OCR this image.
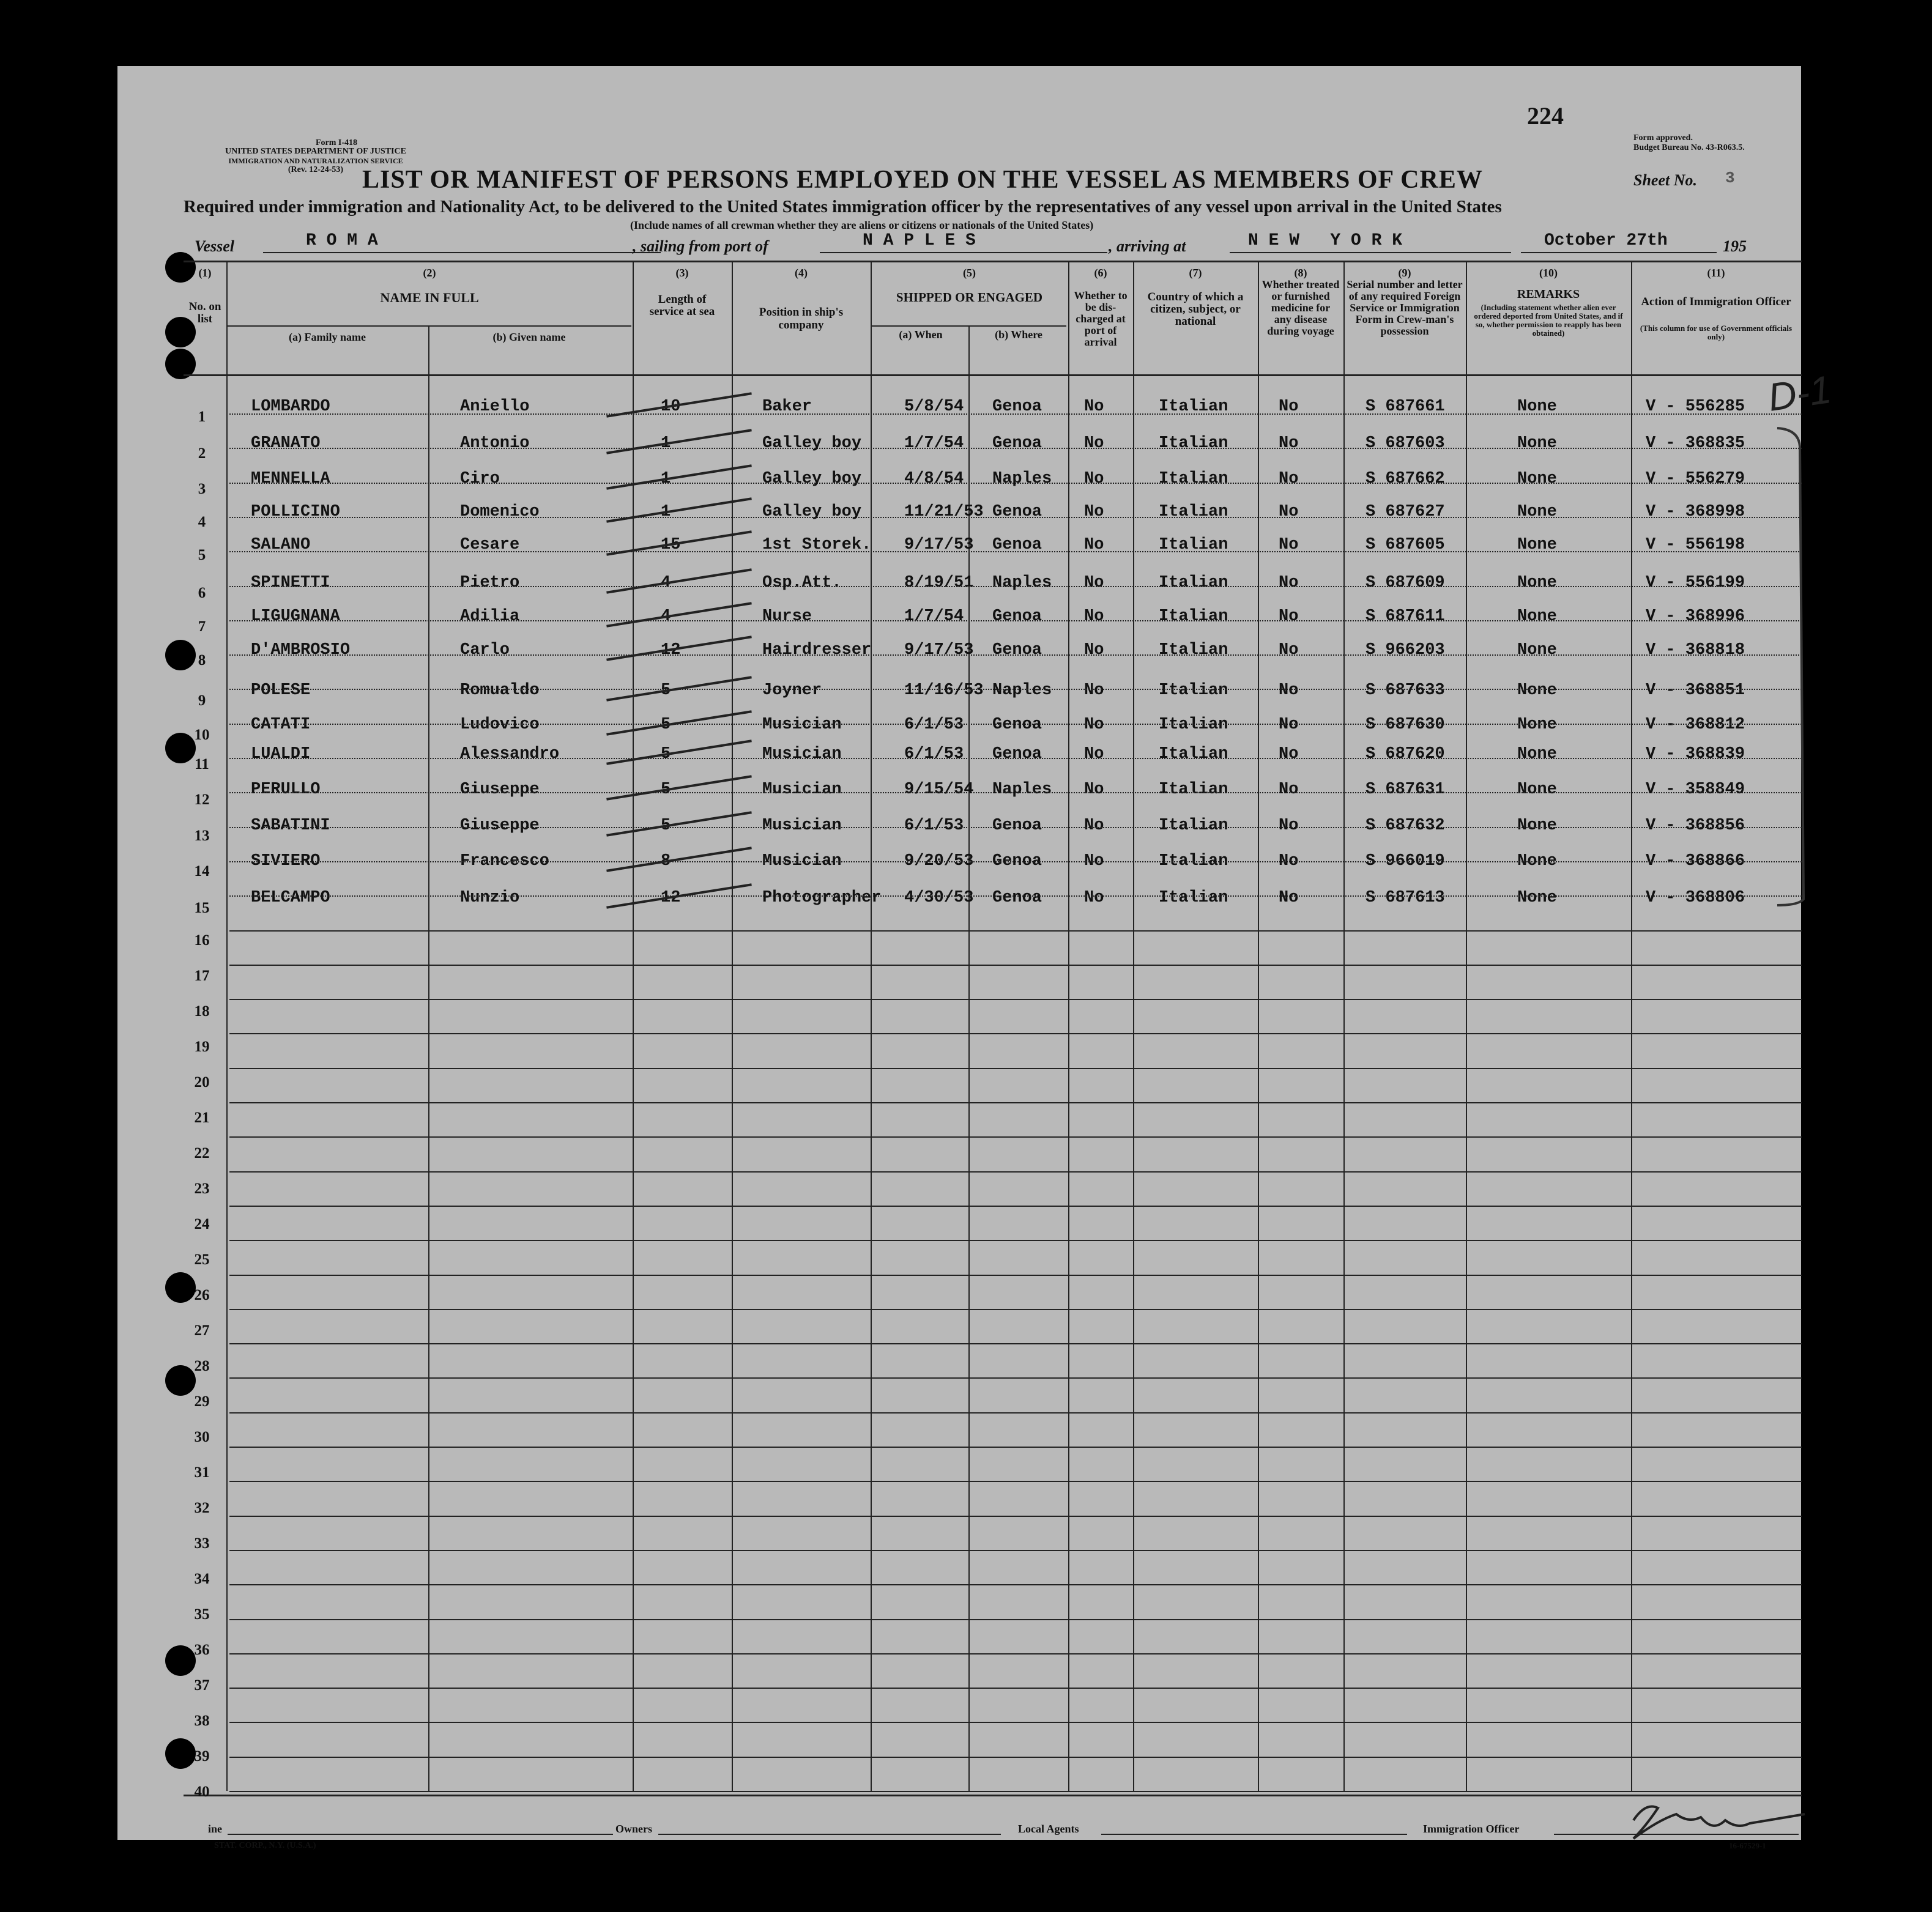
Form I-418
UNITED STATES DEPARTMENT OF JUSTICE
IMMIGRATION AND NATURALIZATION SERVICE
(Rev. 12-24-53)
224
Form approved.
Budget Bureau No. 43-R063.5.
LIST OR MANIFEST OF PERSONS EMPLOYED ON THE VESSEL AS MEMBERS OF CREW	Sheet No. 3
Required under immigration and Nationality Act, to be delivered to the United States immigration officer by the representatives of any vessel upon arrival in the United States
(Include names of all crewman whether they are aliens or citizens or nationals of the United States)
Vessel	R O M A	, sailing from port of	N A P L E S	, arriving at	N E W   Y O R K	October 27th	195
(1)
No. on list
(2)
NAME IN FULL
(a) Family name	(b) Given name
(3)
Length of service at sea
(4)
Position in ship's company
(5)
SHIPPED OR ENGAGED
(a) When	(b) Where
(6)
Whether to be dis-charged at port of arrival
(7)
Country of which a citizen, subject, or national
(8)
Whether treated or furnished medicine for any disease during voyage
(9)
Serial number and letter of any required Foreign Service or Immigration Form in Crew-man's possession
(10)
REMARKS
(Including statement whether alien ever ordered deported from United States, and if so, whether permission to reapply has been obtained)
(11)
Action of Immigration Officer
(This column for use of Government officials only)
1
LOMBARDO	Aniello	10	Baker	5/8/54 Genoa	No	Italian	No	S 687661	None	V - 556285
2
GRANATO	Antonio	1	Galley boy	1/7/54 Genoa	No	Italian	No	S 687603	None	V - 368835
3
MENNELLA	Ciro	1	Galley boy	4/8/54 Naples No	Italian	No	S 687662	None	V - 556279
4
POLLICINO	Domenico	1	Galley boy	11/21/53 Genoa	No	Italian	No	S 687627	None	V - 368998
5
SALANO	Cesare	15	1st Storek. 9/17/53 Genoa	No	Italian	No	S 687605	None	V - 556198
6
SPINETTI	Pietro	4	Osp.Att.	8/19/51 Naples No	Italian	No	S 687609	None	V - 556199
7
LIGUGNANA	Adilia	4	Nurse	1/7/54 Genoa	No	Italian	No	S 687611	None	V - 368996
8
D'AMBROSIO	Carlo	12	Hairdresser 9/17/53 Genoa	No	Italian	No	S 966203	None	V - 368818
9
POLESE	Romualdo	5	Joyner	11/16/53 Naples No	Italian	No	S 687633	None	V - 368851
10
CATATI	Ludovico	5	Musician	6/1/53 Genoa	No	Italian	No	S 687630	None	V - 368812
11
LUALDI	Alessandro	5	Musician	6/1/53 Genoa	No	Italian	No	S 687620	None	V - 368839
12
PERULLO	Giuseppe	5	Musician	9/15/54 Naples No	Italian	No	S 687631	None	V - 358849
13
SABATINI	Giuseppe	5	Musician	6/1/53 Genoa	No	Italian	No	S 687632	None	V - 368856
14
SIVIERO	Francesco	8	Musician	9/20/53 Genoa	No	Italian	No	S 966019	None	V - 368866
15
BELCAMPO	Nunzio	12	Photographer 4/30/53 Genoa	No	Italian	No	S 687613	None	V - 368806
16
17
18
19
20
21
22
23
24
25
26
27
28
29
30
31
32
33
34
35
36
37
38
39
40
D-1
ine	Owners	Local Agents	Immigration Officer
STAT. CORP., N.Y. (U.S.A.)	16-67529-1
